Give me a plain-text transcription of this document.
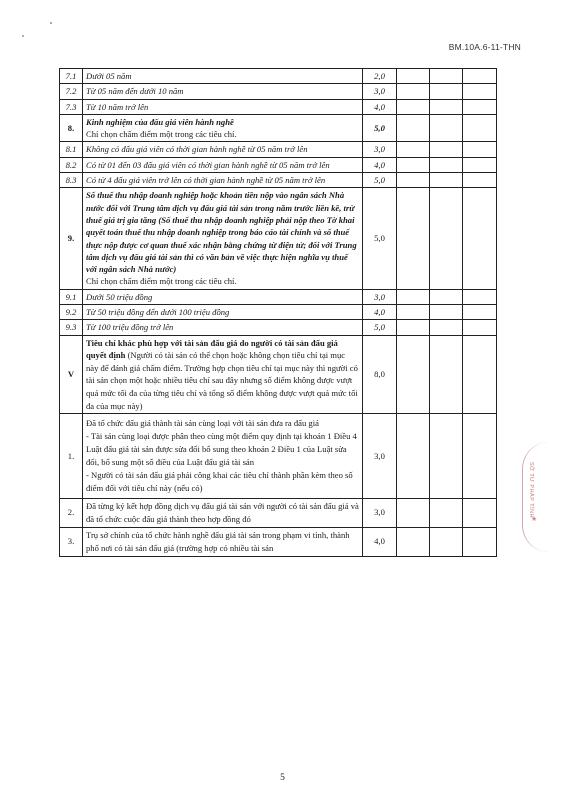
BM.10A.6-11-THN
7.1	Dưới 05 năm	2,0			
7.2	Từ 05 năm đến dưới 10 năm	3,0			
7.3	Từ 10 năm trở lên	4,0			
8.	Kinh nghiệm của đấu giá viên hành nghề
Chỉ chọn chấm điểm một trong các tiêu chí.	5,0			
8.1	Không có đấu giá viên có thời gian hành nghề từ 05 năm trở lên	3,0			
8.2	Có từ 01 đến 03 đấu giá viên có thời gian hành nghề từ 05 năm trở lên	4,0			
8.3	Có từ 4 đấu giá viên trở lên có thời gian hành nghề từ 05 năm trở lên	5,0			
9.	Số thuế thu nhập doanh nghiệp hoặc khoản tiền nộp vào ngân sách Nhà nước đối với Trung tâm dịch vụ đấu giá tài sản trong năm trước liền kề, trừ thuế giá trị gia tăng (Số thuế thu nhập doanh nghiệp phải nộp theo Tờ khai quyết toán thuế thu nhập doanh nghiệp trong báo cáo tài chính và số thuế thực nộp được cơ quan thuế xác nhận bằng chứng từ điện tử; đối với Trung tâm dịch vụ đấu giá tài sản thì có văn bản về việc thực hiện nghĩa vụ thuế với ngân sách Nhà nước)
Chỉ chọn chấm điểm một trong các tiêu chí.	5,0			
9.1	Dưới 50 triệu đồng	3,0			
9.2	Từ 50 triệu đồng đến dưới 100 triệu đồng	4,0			
9.3	Từ 100 triệu đồng trở lên	5,0			
V	Tiêu chí khác phù hợp với tài sản đấu giá do người có tài sản đấu giá quyết định (Người có tài sản có thể chọn hoặc không chọn tiêu chí tại mục này để đánh giá chấm điểm. Trường hợp chọn tiêu chí tại mục này thì người có tài sản chọn một hoặc nhiều tiêu chí sau đây nhưng số điểm không được vượt quá mức tối đa của từng tiêu chí và tổng số điểm không được vượt quá mức tối đa của mục này)	8,0			
1.	Đã tổ chức đấu giá thành tài sản cùng loại với tài sản đưa ra đấu giá
- Tài sản cùng loại được phân theo cùng một điểm quy định tại khoản 1 Điều 4 Luật đấu giá tài sản được sửa đổi bổ sung theo khoản 2 Điều 1 của Luật sửa đổi, bổ sung một số điều của Luật đấu giá tài sản
- Người có tài sản đấu giá phải công khai các tiêu chí thành phần kèm theo số điểm đối với tiêu chí này (nếu có)	3,0			
2.	Đã từng ký kết hợp đồng dịch vụ đấu giá tài sản với người có tài sản đấu giá và đã tổ chức cuộc đấu giá thành theo hợp đồng đó	3,0			
3.	Trụ sở chính của tổ chức hành nghề đấu giá tài sản trong phạm vi tỉnh, thành phố nơi có tài sản đấu giá (trường hợp có nhiều tài sản	4,0			
SỞ TƯ PHÁP TỈNH
★
5
